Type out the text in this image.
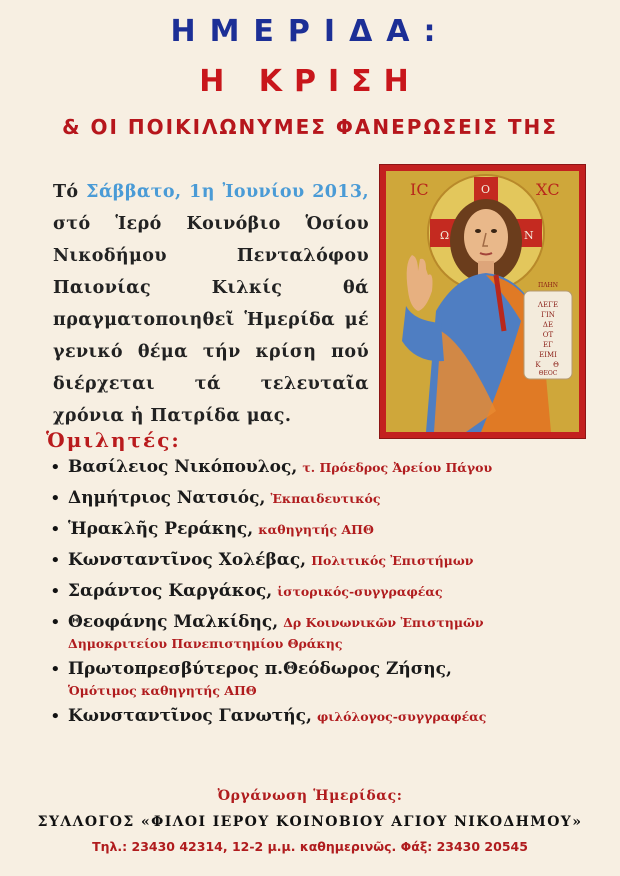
ΗΜΕΡΙΔΑ:
Η ΚΡΙΣΗ
& ΟΙ ΠΟΙΚΙΛΩΝΥΜΕΣ ΦΑΝΕΡΩΣΕΙΣ ΤΗΣ
Τό Σάββατο, 1η Ἰουνίου 2013, στό Ἱερό Κοινόβιο Ὁσίου Νικοδήμου Πενταλόφου Παιονίας Κιλκίς θά πραγματοποιηθεῖ Ἡμερίδα μέ γενικό θέμα τήν κρίση πού διέρχεται τά τελευταῖα χρόνια ἡ Πατρίδα μας.
ΛΕΓΕ
ΓΙΝ
ΔΕ
ΟΤ
ΕΓ
ΕΙΜΙ
Κ Θ
ΘΕΟC
ΠΛΗΝ
ΙC	ΧC
Ο
Ω	Ν
Ὁμιλητές:
• Βασίλειος Νικόπουλος, τ. Πρόεδρος Ἀρείου Πάγου
• Δημήτριος Νατσιός, Ἐκπαιδευτικός
• Ἡρακλῆς Ρεράκης, καθηγητής ΑΠΘ
• Κωνσταντῖνος Χολέβας, Πολιτικός Ἐπιστήμων
• Σαράντος Καργάκος, ἱστορικός-συγγραφέας
• Θεοφάνης Μαλκίδης, Δρ Κοινωνικῶν Ἐπιστημῶν
Δημοκριτείου Πανεπιστημίου Θράκης
• Πρωτοπρεσβύτερος π.Θεόδωρος Ζήσης,
Ὁμότιμος καθηγητής ΑΠΘ
• Κωνσταντῖνος Γανωτής, φιλόλογος-συγγραφέας
Ὀργάνωση Ἡμερίδας:
ΣΥΛΛΟΓΟΣ «ΦΙΛΟΙ ΙΕΡΟΥ ΚΟΙΝΟΒΙΟΥ ΑΓΙΟΥ ΝΙΚΟΔΗΜΟΥ»
Τηλ.: 23430 42314, 12-2 μ.μ. καθημερινῶς. Φάξ: 23430 20545
